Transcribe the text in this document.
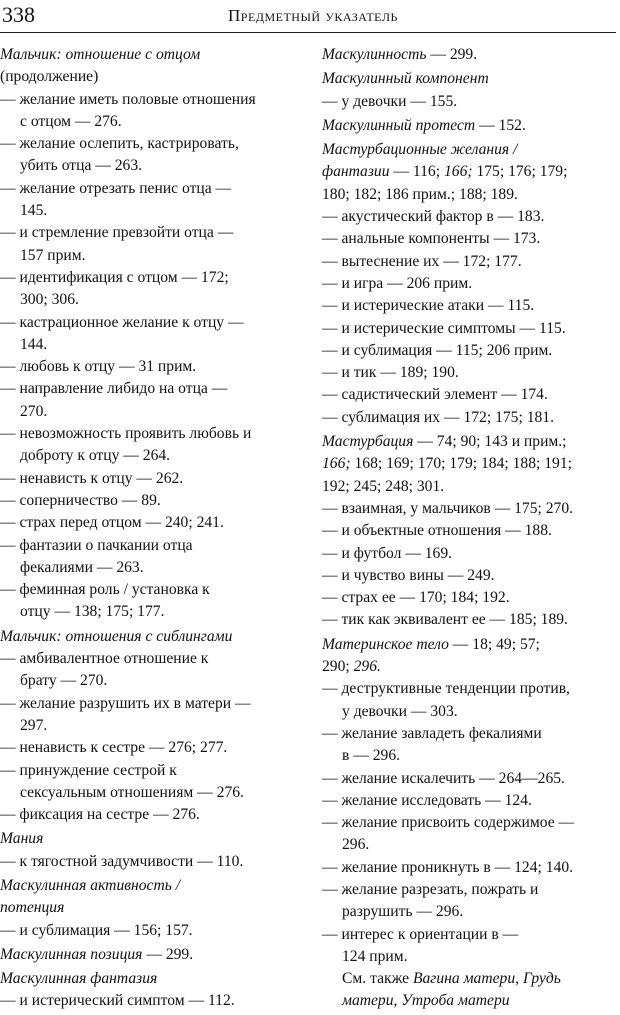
338	Предметный указатель
Мальчик: отношение с отцом
(продолжение)
— желание иметь половые отношения
с отцом — 276.
— желание ослепить, кастрировать,
убить отца — 263.
— желание отрезать пенис отца —
145.
— и стремление превзойти отца —
157 прим.
— идентификация с отцом — 172;
300; 306.
— кастрационное желание к отцу —
144.
— любовь к отцу — 31 прим.
— направление либидо на отца —
270.
— невозможность проявить любовь и
доброту к отцу — 264.
— ненависть к отцу — 262.
— соперничество — 89.
— страх перед отцом — 240; 241.
— фантазии о пачкании отца
фекалиями — 263.
— феминная роль / установка к
отцу — 138; 175; 177.
Мальчик: отношения с сиблингами
— амбивалентное отношение к
брату — 270.
— желание разрушить их в матери —
297.
— ненависть к сестре — 276; 277.
— принуждение сестрой к
сексуальным отношениям — 276.
— фиксация на сестре — 276.
Мания
— к тягостной задумчивости — 110.
Маскулинная активность /
потенция
— и сублимация — 156; 157.
Маскулинная позиция — 299.
Маскулинная фантазия
— и истерический симптом — 112.
Маскулинность — 299.
Маскулинный компонент
— у девочки — 155.
Маскулинный протест — 152.
Мастурбационные желания /
фантазии — 116; 166; 175; 176; 179;
180; 182; 186 прим.; 188; 189.
— акустический фактор в — 183.
— анальные компоненты — 173.
— вытеснение их — 172; 177.
— и игра — 206 прим.
— и истерические атаки — 115.
— и истерические симптомы — 115.
— и сублимация — 115; 206 прим.
— и тик — 189; 190.
— садистический элемент — 174.
— сублимация их — 172; 175; 181.
Мастурбация — 74; 90; 143 и прим.;
166; 168; 169; 170; 179; 184; 188; 191;
192; 245; 248; 301.
— взаимная, у мальчиков — 175; 270.
— и объектные отношения — 188.
— и футбол — 169.
— и чувство вины — 249.
— страх ее — 170; 184; 192.
— тик как эквивалент ее — 185; 189.
Материнское тело — 18; 49; 57;
290; 296.
— деструктивные тенденции против,
у девочки — 303.
— желание завладеть фекалиями
в — 296.
— желание искалечить — 264—265.
— желание исследовать — 124.
— желание присвоить содержимое —
296.
— желание проникнуть в — 124; 140.
— желание разрезать, пожрать и
разрушить — 296.
— интерес к ориентации в —
124 прим.
См. также Вагина матери, Грудь
матери, Утроба матери
